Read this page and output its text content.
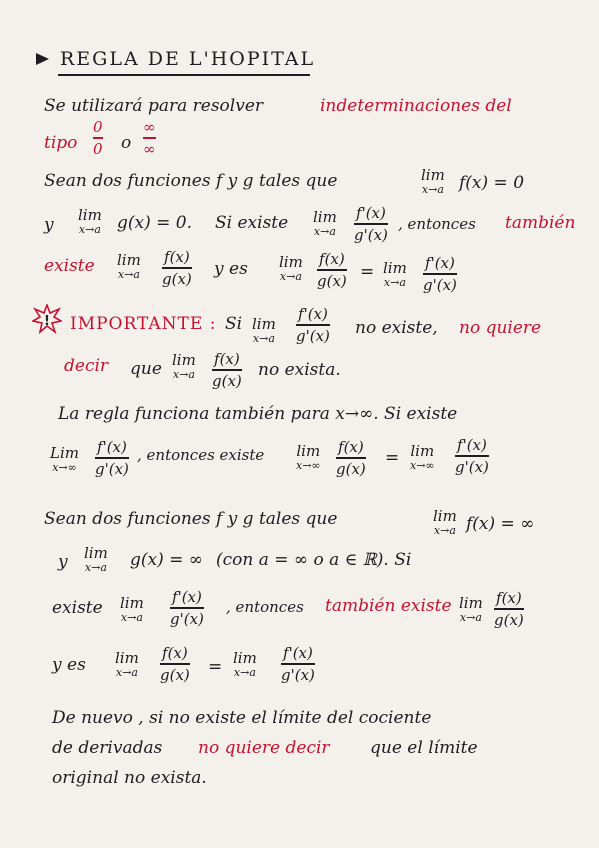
REGLA DE L'HOPITAL
Se utilizará para resolver	indeterminaciones del
tipo
0
0 o
∞
∞
Sean dos funciones f y g tales que	lim
x→a f(x) = 0
y lim
x→a g(x) = 0. Si existe lim
x→a
f'(x)
g'(x)
, entonces también
existe lim
x→a
f(x)
g(x) y es lim
x→a
f(x)
g(x) = lim
x→a
f'(x)
g'(x)
! IMPORTANTE : Si lim
x→a
f'(x)
g'(x) no existe, no quiere
decir que lim
x→a
f(x)
g(x)
no exista.
La regla funciona también para x→∞. Si existe
Lim
x→∞
f'(x)
g'(x)
, entonces existe lim
x→∞
f(x)
g(x)
= lim
x→∞
f'(x)
g'(x)
Sean dos funciones f y g tales que	lim
x→a f(x) = ∞
y lim
x→a g(x) = ∞ (con a = ∞ o a ∈ ℝ). Si
existe lim
x→a
f'(x)
g'(x)
, entonces también existe lim
x→a
f(x)
g(x)
y es lim
x→a
f(x)
g(x) = lim
x→a
f'(x)
g'(x)
De nuevo , si no existe el límite del cociente
de derivadas no quiere decir que el límite
original no exista.
